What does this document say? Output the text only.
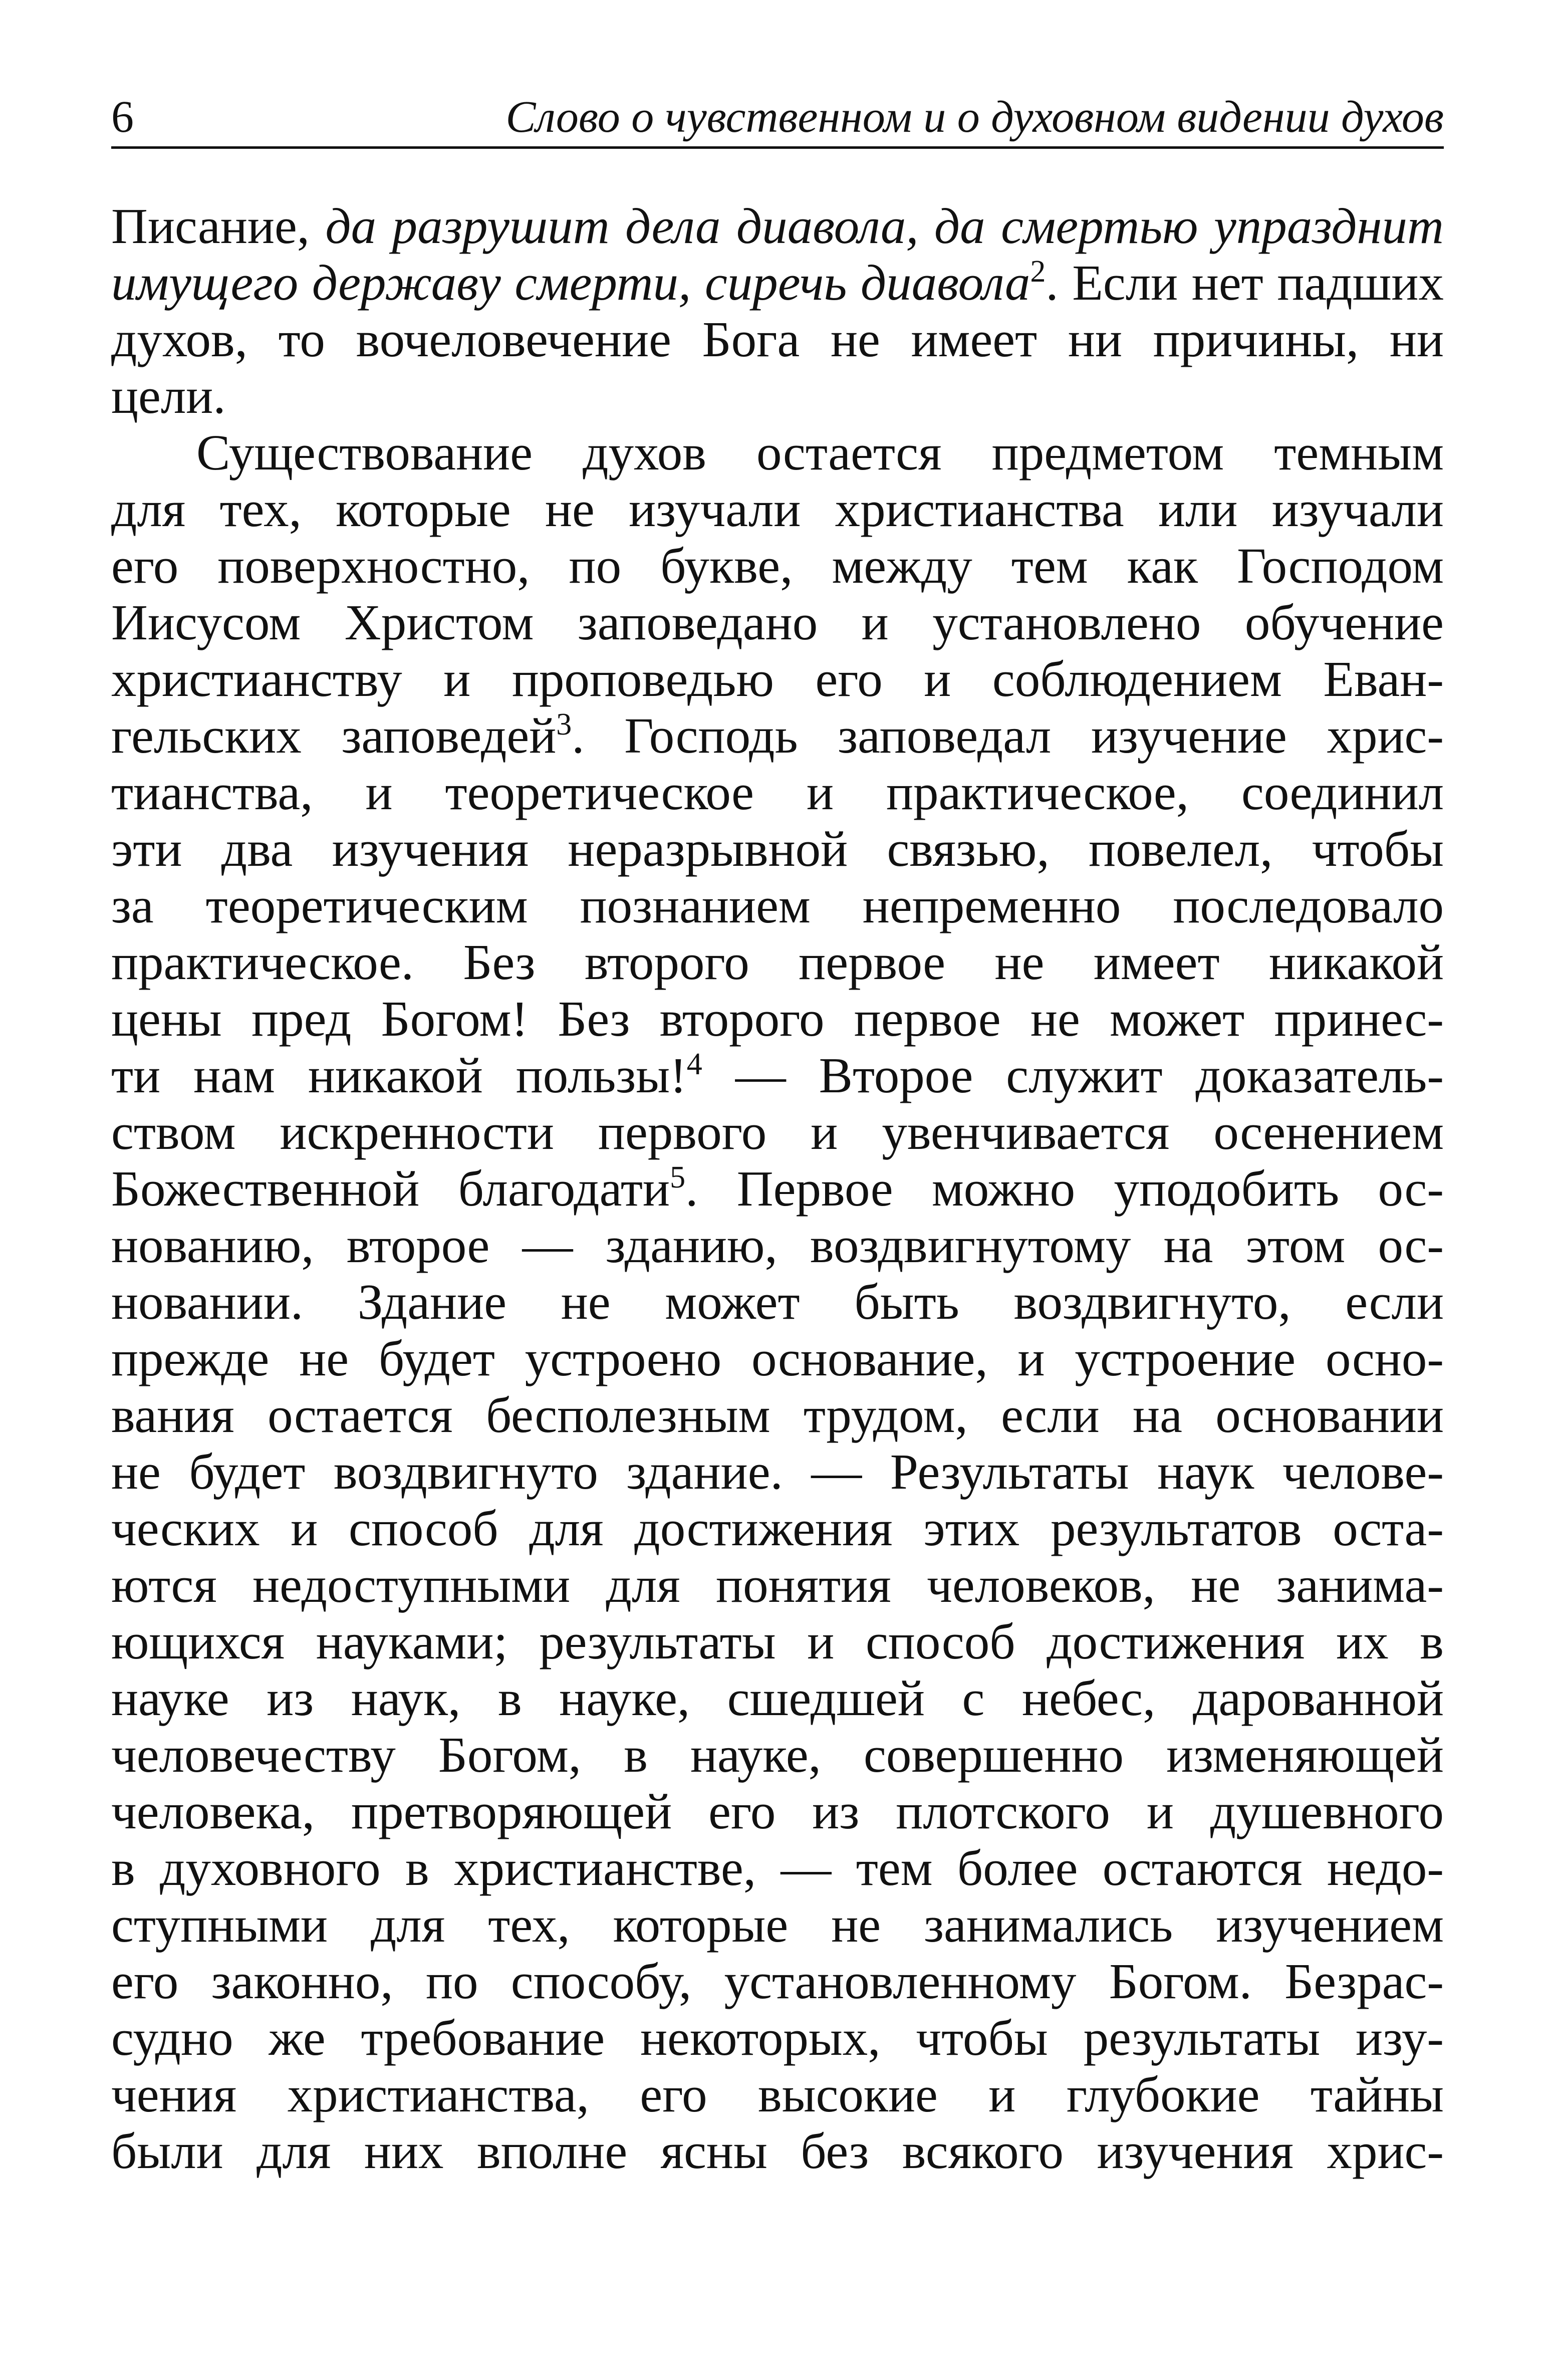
6	Слово о чувственном и о духовном видении духов
Писание, да разрушит дела диавола, да смертью упразднит
имущего державу смерти, сиречь диавола$^2$. Если нет падших
духов, то вочеловечение Бога не имеет ни причины, ни
цели.
Существование духов остается предметом темным
для тех, которые не изучали христианства или изучали
его поверхностно, по букве, между тем как Господом
Иисусом Христом заповедано и установлено обучение
христианству и проповедью его и соблюдением Еван-
гельских заповедей$^3$. Господь заповедал изучение хрис-
тианства, и теоретическое и практическое, соединил
эти два изучения неразрывной связью, повелел, чтобы
за теоретическим познанием непременно последовало
практическое. Без второго первое не имеет никакой
цены пред Богом! Без второго первое не может принес-
ти нам никакой пользы!$^4$ — Второе служит доказатель-
ством искренности первого и увенчивается осенением
Божественной благодати$^5$. Первое можно уподобить ос-
нованию, второе — зданию, воздвигнутому на этом ос-
новании. Здание не может быть воздвигнуто, если
прежде не будет устроено основание, и устроение осно-
вания остается бесполезным трудом, если на основании
не будет воздвигнуто здание. — Результаты наук челове-
ческих и способ для достижения этих результатов оста-
ются недоступными для понятия человеков, не занима-
ющихся науками; результаты и способ достижения их в
науке из наук, в науке, сшедшей с небес, дарованной
человечеству Богом, в науке, совершенно изменяющей
человека, претворяющей его из плотского и душевного
в духовного в христианстве, — тем более остаются недо-
ступными для тех, которые не занимались изучением
его законно, по способу, установленному Богом. Безрас-
судно же требование некоторых, чтобы результаты изу-
чения христианства, его высокие и глубокие тайны
были для них вполне ясны без всякого изучения хрис-
